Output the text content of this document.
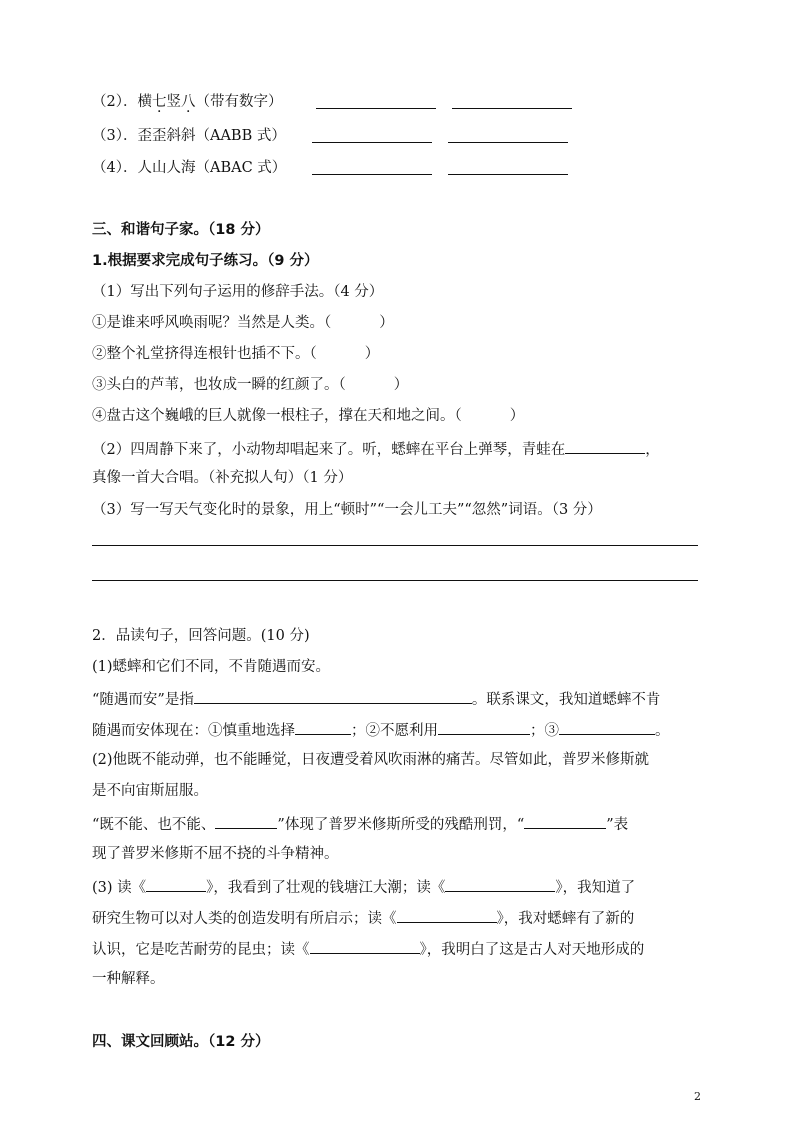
（2）．横七竖八（带有数字）
（3）．歪歪斜斜（AABB 式）
（4）．人山人海（ABAC 式）
三、和谐句子家。（18 分）
1.根据要求完成句子练习。（9 分）
（1）写出下列句子运用的修辞手法。（4 分）
①是谁来呼风唤雨呢？当然是人类。（	）
②整个礼堂挤得连根针也插不下。（	）
③头白的芦苇，也妆成一瞬的红颜了。（	）
④盘古这个巍峨的巨人就像一根柱子，撑在天和地之间。（	）
（2）四周静下来了，小动物却唱起来了。听，蟋蟀在平台上弹琴，青蛙在	，
真像一首大合唱。（补充拟人句）（1 分）
（3）写一写天气变化时的景象，用上“顿时”“一会儿工夫”“忽然”词语。（3 分）
2．品读句子，回答问题。(10 分)
(1)蟋蟀和它们不同，不肯随遇而安。
“随遇而安”是指	。联系课文，我知道蟋蟀不肯
随遇而安体现在：①慎重地选择	；②不愿利用	；③	。
(2)他既不能动弹，也不能睡觉，日夜遭受着风吹雨淋的痛苦。尽管如此，普罗米修斯就
是不向宙斯屈服。
“既不能、也不能、	”体现了普罗米修斯所受的残酷刑罚，“	”表
现了普罗米修斯不屈不挠的斗争精神。
(3) 读《	》，我看到了壮观的钱塘江大潮；读《	》，我知道了
研究生物可以对人类的创造发明有所启示；读《	》，我对蟋蟀有了新的
认识，它是吃苦耐劳的昆虫；读《	》，我明白了这是古人对天地形成的
一种解释。
四、课文回顾站。（12 分）
2
